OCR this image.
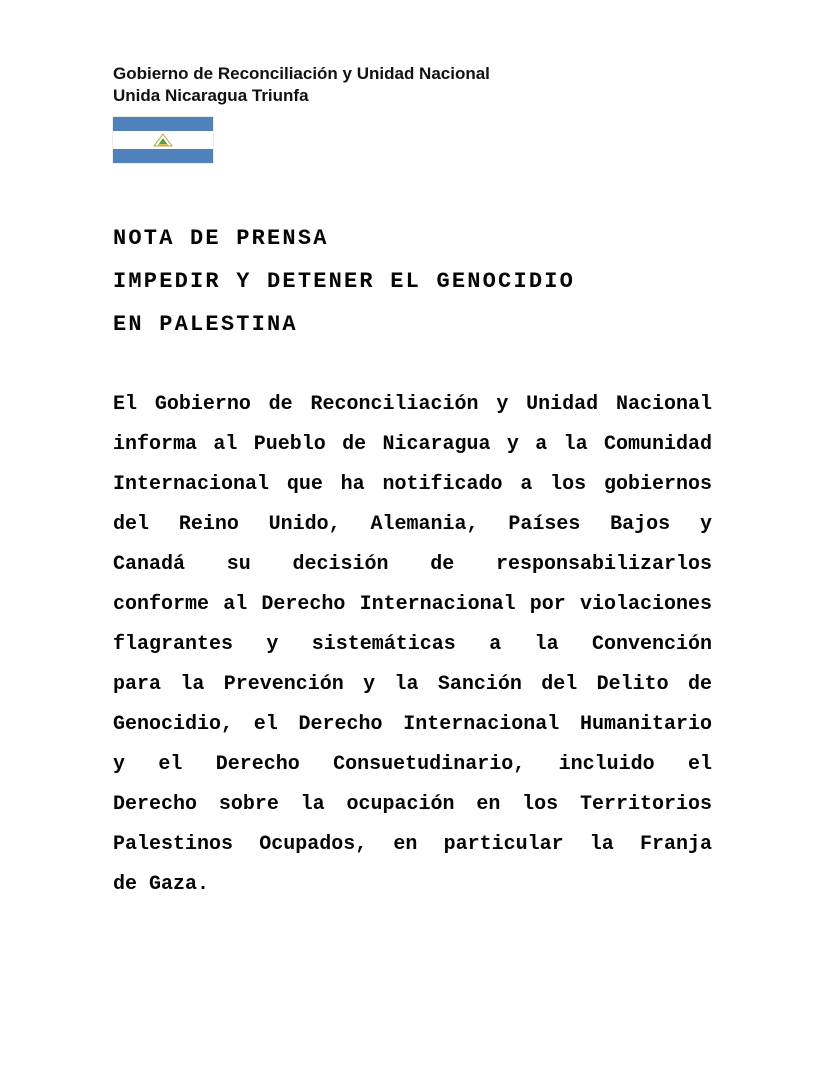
Gobierno de Reconciliación y Unidad Nacional
Unida Nicaragua Triunfa
NOTA DE PRENSA
IMPEDIR Y DETENER EL GENOCIDIO
EN PALESTINA
El Gobierno de Reconciliación y Unidad Nacional
informa al Pueblo de Nicaragua y a la Comunidad
Internacional que ha notificado a los gobiernos
del Reino Unido, Alemania, Países Bajos y
Canadá su decisión de responsabilizarlos
conforme al Derecho Internacional por violaciones
flagrantes y sistemáticas a la Convención
para la Prevención y la Sanción del Delito de
Genocidio, el Derecho Internacional Humanitario
y el Derecho Consuetudinario, incluido el
Derecho sobre la ocupación en los Territorios
Palestinos Ocupados, en particular la Franja
de Gaza.
